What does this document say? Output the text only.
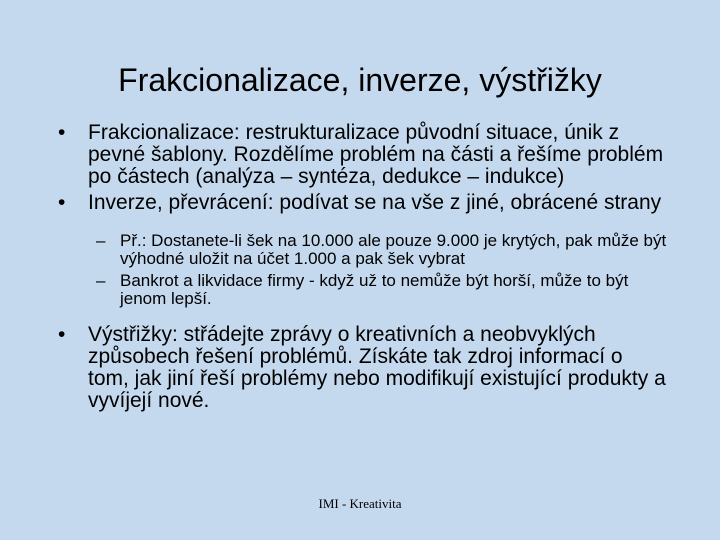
Frakcionalizace, inverze, výstřižky
• Frakcionalizace: restrukturalizace původní situace, únik z pevné šablony. Rozdělíme problém na části a řešíme problém po částech (analýza – syntéza, dedukce – indukce)
• Inverze, převrácení: podívat se na vše z jiné, obrácené strany
– Př.: Dostanete-li šek na 10.000 ale pouze 9.000 je krytých, pak může být výhodné uložit na účet 1.000 a pak šek vybrat
– Bankrot a likvidace firmy - když už to nemůže být horší, může to být jenom lepší.
• Výstřižky: střádejte zprávy o kreativních a neobvyklých způsobech řešení problémů. Získáte tak zdroj informací o tom, jak jiní řeší problémy nebo modifikují existující produkty a vyvíjejí nové.
IMI - Kreativita
